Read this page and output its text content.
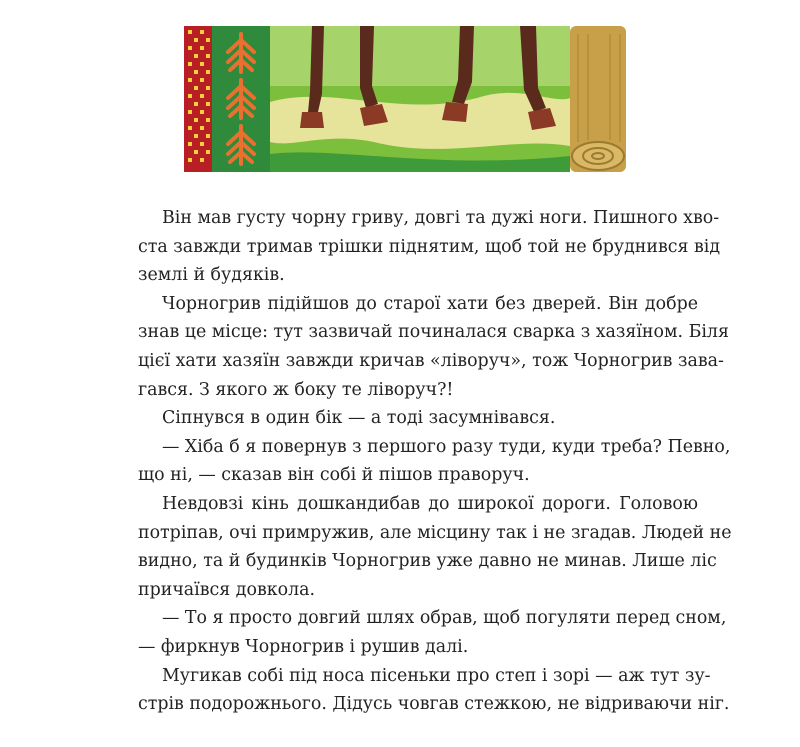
Він мав густу чорну гриву, довгі та дужі ноги. Пишного хво-
ста завжди тримав трішки піднятим, щоб той не бруднився від
землі й будяків.
Чорногрив підійшов до старої хати без дверей. Він добре
знав це місце: тут зазвичай починалася сварка з хазяїном. Біля
цієї хати хазяїн завжди кричав «ліворуч», тож Чорногрив зава-
гався. З якого ж боку те ліворуч?!
Сіпнувся в один бік — а тоді засумнівався.
— Хіба б я повернув з першого разу туди, куди треба? Певно,
що ні, — сказав він собі й пішов праворуч.
Невдовзі кінь дошкандибав до широкої дороги. Головою
потріпав, очі примружив, але місцину так і не згадав. Людей не
видно, та й будинків Чорногрив уже давно не минав. Лише ліс
причаївся довкола.
— То я просто довгий шлях обрав, щоб погуляти перед сном,
— фиркнув Чорногрив і рушив далі.
Мугикав собі під носа пісеньки про степ і зорі — аж тут зу-
стрів подорожнього. Дідусь човгав стежкою, не відриваючи ніг.
